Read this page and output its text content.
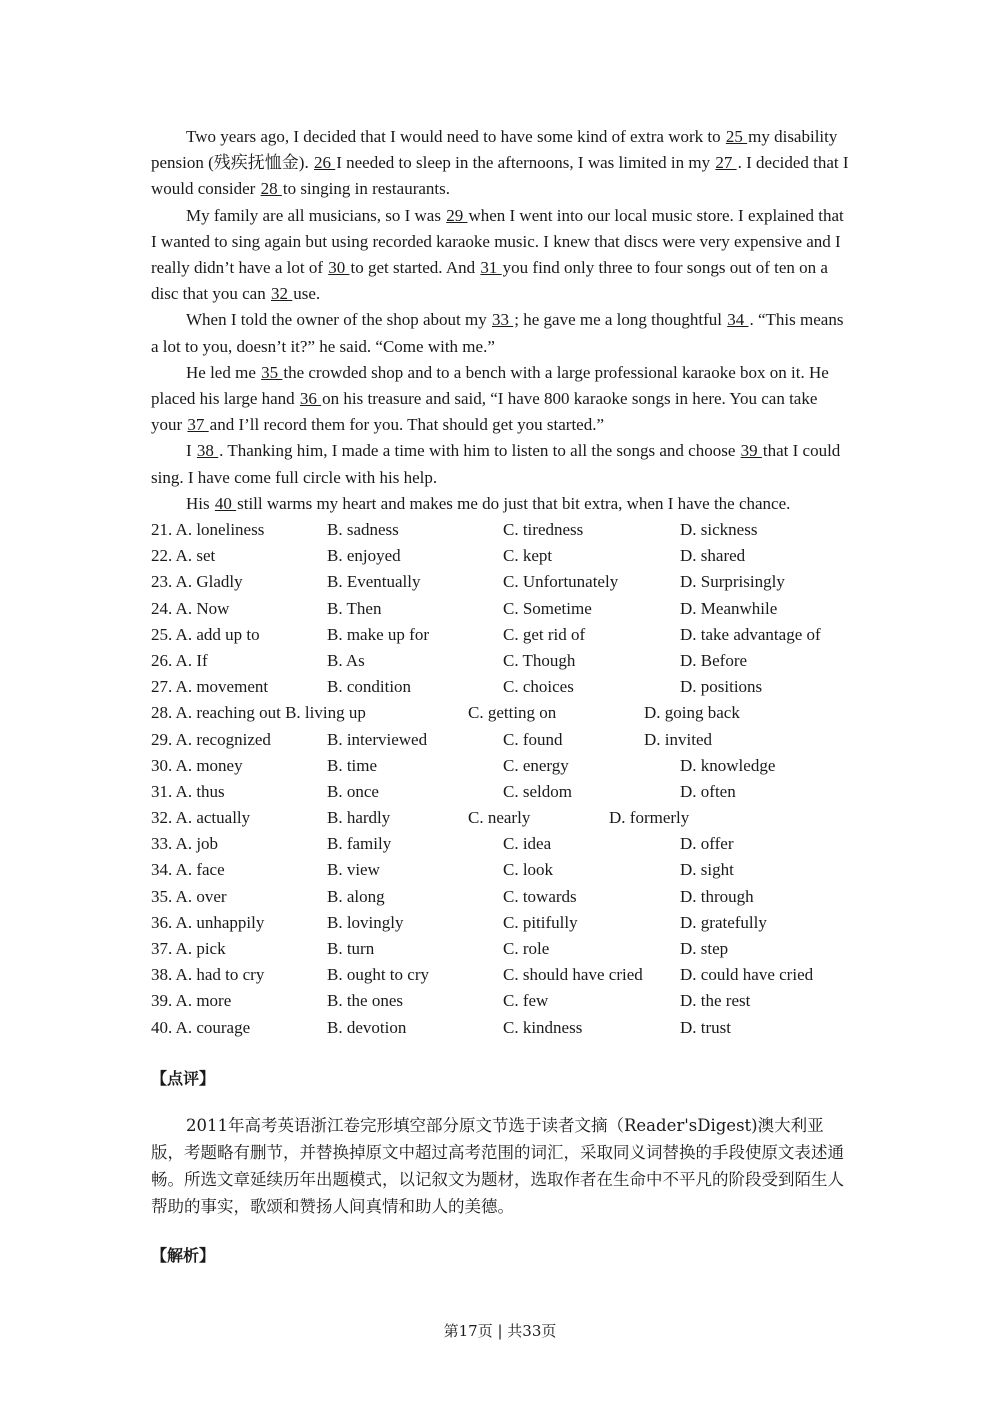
Two years ago, I decided that I would need to have some kind of extra work to 25 my disability pension (残疾抚恤金). 26 I needed to sleep in the afternoons, I was limited in my 27 . I decided that I would consider 28 to singing in restaurants.

My family are all musicians, so I was 29 when I went into our local music store. I explained that I wanted to sing again but using recorded karaoke music. I knew that discs were very expensive and I really didn’t have a lot of 30 to get started. And 31 you find only three to four songs out of ten on a disc that you can 32 use.

When I told the owner of the shop about my 33 ; he gave me a long thoughtful 34 . “This means a lot to you, doesn’t it?” he said. “Come with me.”

He led me 35 the crowded shop and to a bench with a large professional karaoke box on it. He placed his large hand 36 on his treasure and said, “I have 800 karaoke songs in here. You can take your 37 and I’ll record them for you. That should get you started.”

I 38 . Thanking him, I made a time with him to listen to all the songs and choose 39 that I could sing. I have come full circle with his help.

His 40 still warms my heart and makes me do just that bit extra, when I have the chance.

21. A. loneliness	B. sadness	C. tiredness	D. sickness
22. A. set	B. enjoyed	C. kept	D. shared
23. A. Gladly	B. Eventually	C. Unfortunately	D. Surprisingly
24. A. Now	B. Then	C. Sometime	D. Meanwhile
25. A. add up to	B. make up for	C. get rid of	D. take advantage of
26. A. If	B. As	C. Though	D. Before
27. A. movement	B. condition	C. choices	D. positions
28. A. reaching out B. living up	C. getting on	D. going back
29. A. recognized	B. interviewed	C. found	D. invited
30. A. money	B. time	C. energy	D. knowledge
31. A. thus	B. once	C. seldom	D. often
32. A. actually	B. hardly	C. nearly	D. formerly
33. A. job	B. family	C. idea	D. offer
34. A. face	B. view	C. look	D. sight
35. A. over	B. along	C. towards	D. through
36. A. unhappily	B. lovingly	C. pitifully	D. gratefully
37. A. pick	B. turn	C. role	D. step
38. A. had to cry	B. ought to cry	C. should have cried D. could have cried
39. A. more	B. the ones	C. few	D. the rest
40. A. courage	B. devotion	C. kindness	D. trust
【点评】

2011年高考英语浙江卷完形填空部分原文节选于读者文摘（Reader'sDigest)澳大利亚版，考题略有删节，并替换掉原文中超过高考范围的词汇，采取同义词替换的手段使原文表述通畅。所选文章延续历年出题模式，以记叙文为题材，选取作者在生命中不平凡的阶段受到陌生人帮助的事实，歌颂和赞扬人间真情和助人的美德。

【解析】
第17页 | 共33页
